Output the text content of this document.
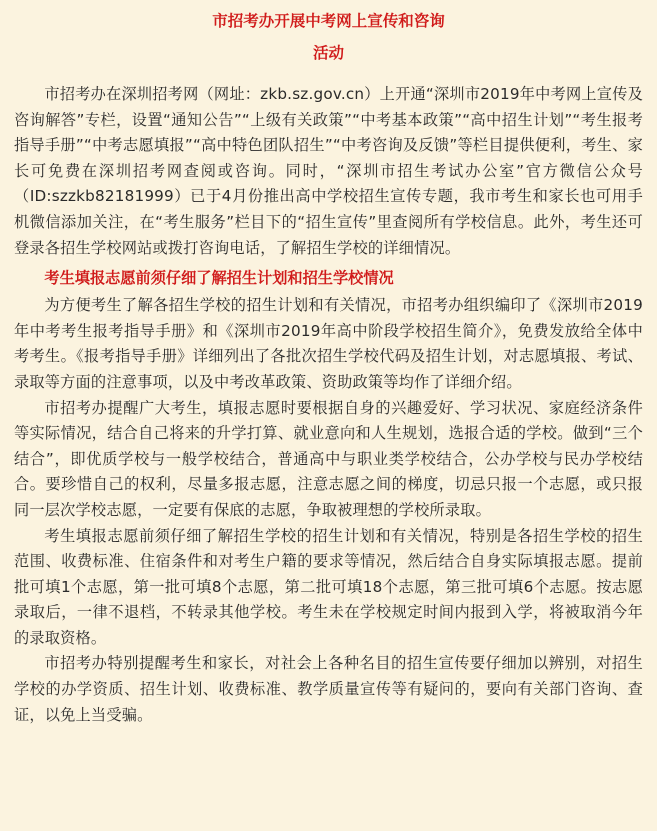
市招考办开展中考网上宣传和咨询
活动

市招考办在深圳招考网（网址：zkb.sz.gov.cn）上开通“深圳市2019年中考网上宣传及咨询解答”专栏，设置“通知公告”“上级有关政策”“中考基本政策”“高中招生计划”“考生报考指导手册”“中考志愿填报”“高中特色团队招生”“中考咨询及反馈”等栏目提供便利，考生、家长可免费在深圳招考网查阅或咨询。同时，“深圳市招生考试办公室”官方微信公众号（ID:szzkb82181999）已于4月份推出高中学校招生宣传专题，我市考生和家长也可用手机微信添加关注，在“考生服务”栏目下的“招生宣传”里查阅所有学校信息。此外，考生还可登录各招生学校网站或拨打咨询电话，了解招生学校的详细情况。

考生填报志愿前须仔细了解招生计划和招生学校情况

为方便考生了解各招生学校的招生计划和有关情况，市招考办组织编印了《深圳市2019年中考考生报考指导手册》和《深圳市2019年高中阶段学校招生简介》，免费发放给全体中考考生。《报考指导手册》详细列出了各批次招生学校代码及招生计划，对志愿填报、考试、录取等方面的注意事项，以及中考改革政策、资助政策等均作了详细介绍。

市招考办提醒广大考生，填报志愿时要根据自身的兴趣爱好、学习状况、家庭经济条件等实际情况，结合自己将来的升学打算、就业意向和人生规划，选报合适的学校。做到“三个结合”，即优质学校与一般学校结合，普通高中与职业类学校结合，公办学校与民办学校结合。要珍惜自己的权利，尽量多报志愿，注意志愿之间的梯度，切忌只报一个志愿，或只报同一层次学校志愿，一定要有保底的志愿，争取被理想的学校所录取。

考生填报志愿前须仔细了解招生学校的招生计划和有关情况，特别是各招生学校的招生范围、收费标准、住宿条件和对考生户籍的要求等情况，然后结合自身实际填报志愿。提前批可填1个志愿，第一批可填8个志愿，第二批可填18个志愿，第三批可填6个志愿。按志愿录取后，一律不退档，不转录其他学校。考生未在学校规定时间内报到入学，将被取消今年的录取资格。

市招考办特别提醒考生和家长，对社会上各种名目的招生宣传要仔细加以辨别，对招生学校的办学资质、招生计划、收费标准、教学质量宣传等有疑问的，要向有关部门咨询、查证，以免上当受骗。
